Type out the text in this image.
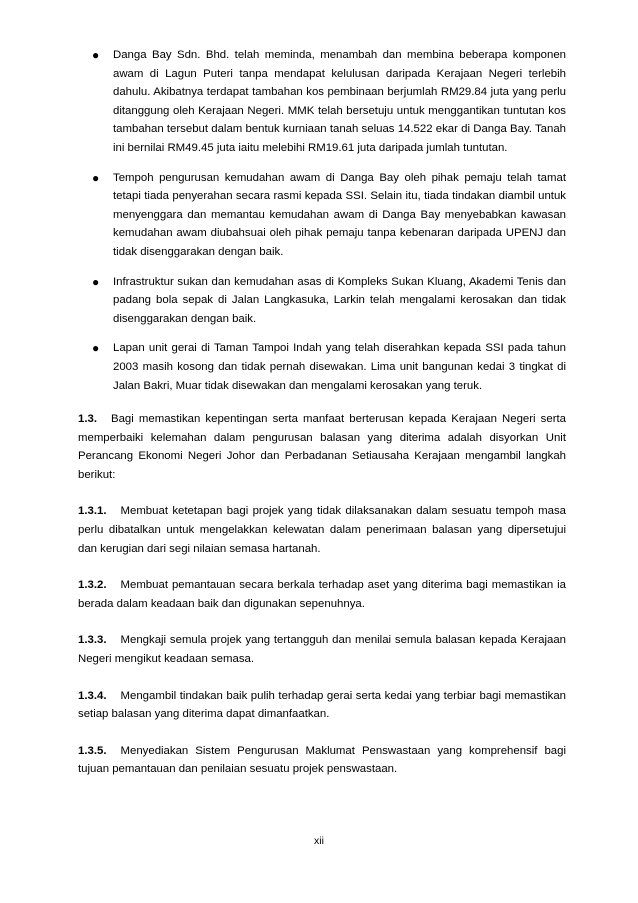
● Danga Bay Sdn. Bhd. telah meminda, menambah dan membina beberapa komponen awam di Lagun Puteri tanpa mendapat kelulusan daripada Kerajaan Negeri terlebih dahulu. Akibatnya terdapat tambahan kos pembinaan berjumlah RM29.84 juta yang perlu ditanggung oleh Kerajaan Negeri. MMK telah bersetuju untuk menggantikan tuntutan kos tambahan tersebut dalam bentuk kurniaan tanah seluas 14.522 ekar di Danga Bay. Tanah ini bernilai RM49.45 juta iaitu melebihi RM19.61 juta daripada jumlah tuntutan.

● Tempoh pengurusan kemudahan awam di Danga Bay oleh pihak pemaju telah tamat tetapi tiada penyerahan secara rasmi kepada SSI. Selain itu, tiada tindakan diambil untuk menyenggara dan memantau kemudahan awam di Danga Bay menyebabkan kawasan kemudahan awam diubahsuai oleh pihak pemaju tanpa kebenaran daripada UPENJ dan tidak disenggarakan dengan baik.

● Infrastruktur sukan dan kemudahan asas di Kompleks Sukan Kluang, Akademi Tenis dan padang bola sepak di Jalan Langkasuka, Larkin telah mengalami kerosakan dan tidak disenggarakan dengan baik.

● Lapan unit gerai di Taman Tampoi Indah yang telah diserahkan kepada SSI pada tahun 2003 masih kosong dan tidak pernah disewakan. Lima unit bangunan kedai 3 tingkat di Jalan Bakri, Muar tidak disewakan dan mengalami kerosakan yang teruk.

1.3. Bagi memastikan kepentingan serta manfaat berterusan kepada Kerajaan Negeri serta memperbaiki kelemahan dalam pengurusan balasan yang diterima adalah disyorkan Unit Perancang Ekonomi Negeri Johor dan Perbadanan Setiausaha Kerajaan mengambil langkah berikut:

1.3.1. Membuat ketetapan bagi projek yang tidak dilaksanakan dalam sesuatu tempoh masa perlu dibatalkan untuk mengelakkan kelewatan dalam penerimaan balasan yang dipersetujui dan kerugian dari segi nilaian semasa hartanah.

1.3.2. Membuat pemantauan secara berkala terhadap aset yang diterima bagi memastikan ia berada dalam keadaan baik dan digunakan sepenuhnya.

1.3.3. Mengkaji semula projek yang tertangguh dan menilai semula balasan kepada Kerajaan Negeri mengikut keadaan semasa.

1.3.4. Mengambil tindakan baik pulih terhadap gerai serta kedai yang terbiar bagi memastikan setiap balasan yang diterima dapat dimanfaatkan.

1.3.5. Menyediakan Sistem Pengurusan Maklumat Penswastaan yang komprehensif bagi tujuan pemantauan dan penilaian sesuatu projek penswastaan.

xii
